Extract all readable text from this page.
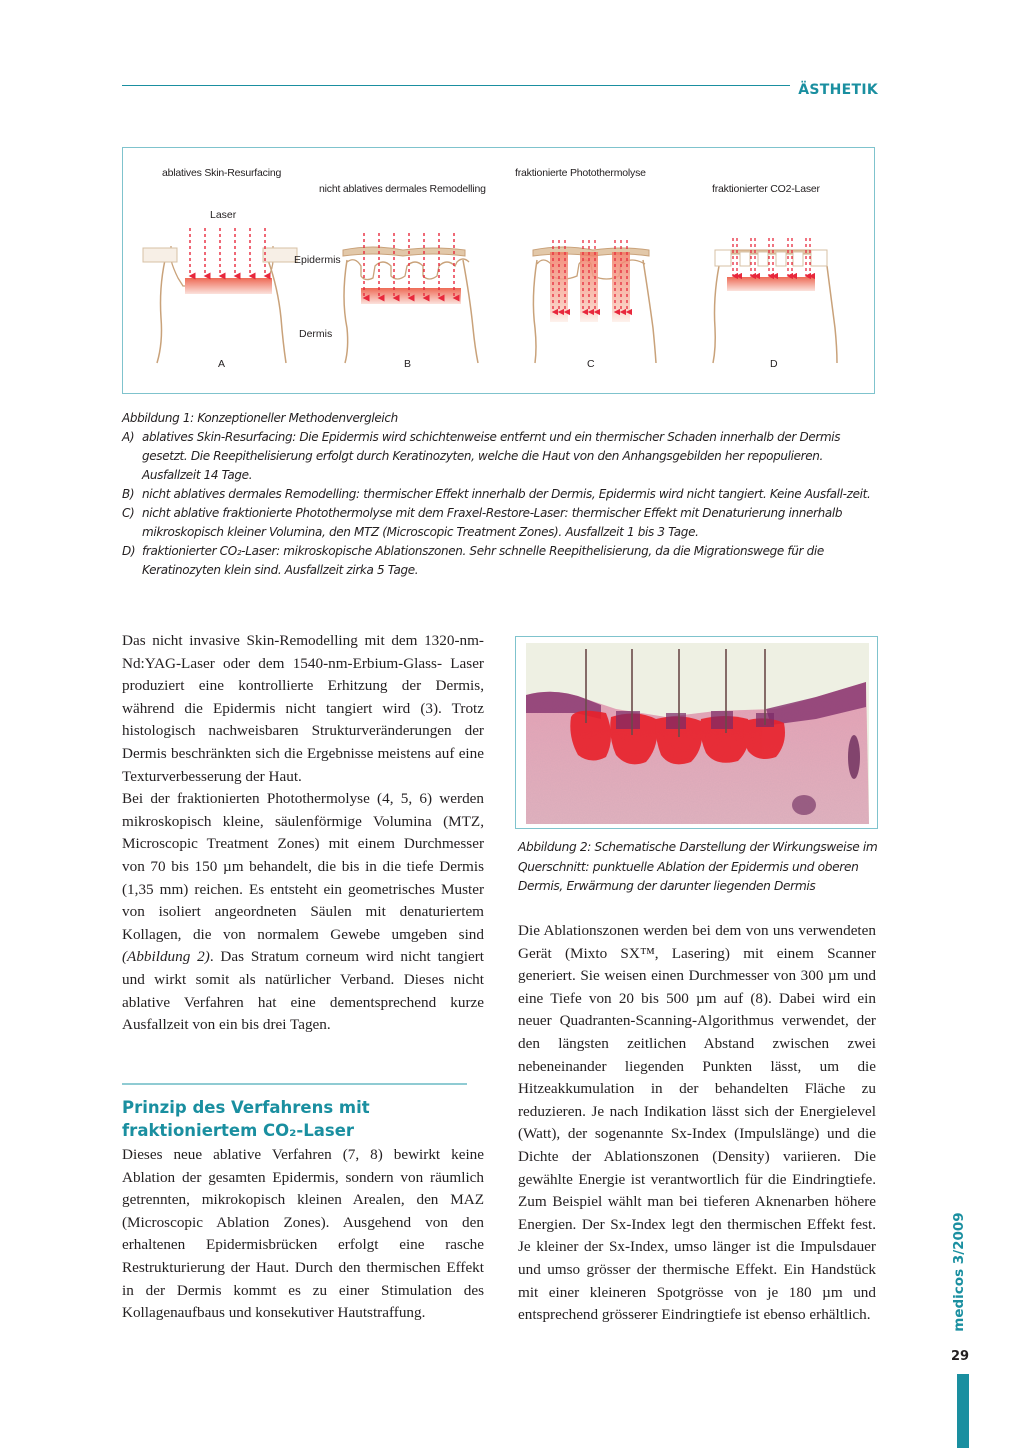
ÄSTHETIK
ablatives Skin-Resurfacing
nicht ablatives dermales Remodelling
fraktionierte Photothermolyse
fraktionierter CO2-Laser
Laser
Epidermis
Dermis
A	B	C	D
Abbildung 1: Konzeptioneller Methodenvergleich
A) ablatives Skin-Resurfacing: Die Epidermis wird schichtenweise entfernt und ein thermischer Schaden innerhalb der Dermis gesetzt. Die Reepithelisierung erfolgt durch Keratinozyten, welche die Haut von den Anhangsgebilden her repopulieren. Ausfallzeit 14 Tage.
B) nicht ablatives dermales Remodelling: thermischer Effekt innerhalb der Dermis, Epidermis wird nicht tangiert. Keine Ausfall-zeit.
C) nicht ablative fraktionierte Photothermolyse mit dem Fraxel-Restore-Laser: thermischer Effekt mit Denaturierung innerhalb mikroskopisch kleiner Volumina, den MTZ (Microscopic Treatment Zones). Ausfallzeit 1 bis 3 Tage.
D) fraktionierter CO₂-Laser: mikroskopische Ablationszonen. Sehr schnelle Reepithelisierung, da die Migrationswege für die Keratinozyten klein sind. Ausfallzeit zirka 5 Tage.

Das nicht invasive Skin-Remodelling mit dem 1320-nm-Nd:YAG-Laser oder dem 1540-nm-Erbium-Glass- Laser produziert eine kontrollierte Erhitzung der Dermis, während die Epidermis nicht tangiert wird (3). Trotz histologisch nachweisbaren Strukturveränderungen der Dermis beschränkten sich die Ergebnisse meistens auf eine Texturverbesserung der Haut.

Bei der fraktionierten Photothermolyse (4, 5, 6) werden mikroskopisch kleine, säulenförmige Volumina (MTZ, Microscopic Treatment Zones) mit einem Durchmesser von 70 bis 150 µm behandelt, die bis in die tiefe Dermis (1,35 mm) reichen. Es entsteht ein geometrisches Muster von isoliert angeordneten Säulen mit denaturiertem Kollagen, die von normalem Gewebe umgeben sind (Abbildung 2). Das Stratum corneum wird nicht tangiert und wirkt somit als natürlicher Verband. Dieses nicht ablative Verfahren hat eine dementsprechend kurze Ausfallzeit von ein bis drei Tagen.

Prinzip des Verfahrens mit fraktioniertem CO₂-Laser

Dieses neue ablative Verfahren (7, 8) bewirkt keine Ablation der gesamten Epidermis, sondern von räumlich getrennten, mikrokopisch kleinen Arealen, den MAZ (Microscopic Ablation Zones). Ausgehend von den erhaltenen Epidermisbrücken erfolgt eine rasche Restrukturierung der Haut. Durch den thermischen Effekt in der Dermis kommt es zu einer Stimulation des Kollagenaufbaus und konsekutiver Hautstraffung.

Abbildung 2: Schematische Darstellung der Wirkungsweise im Querschnitt: punktuelle Ablation der Epidermis und oberen Dermis, Erwärmung der darunter liegenden Dermis

Die Ablationszonen werden bei dem von uns verwendeten Gerät (Mixto SX™, Lasering) mit einem Scanner generiert. Sie weisen einen Durchmesser von 300 µm und eine Tiefe von 20 bis 500 µm auf (8). Dabei wird ein neuer Quadranten-Scanning-Algorithmus verwendet, der den längsten zeitlichen Abstand zwischen zwei nebeneinander liegenden Punkten lässt, um die Hitzeakkumulation in der behandelten Fläche zu reduzieren. Je nach Indikation lässt sich der Energielevel (Watt), der sogenannte Sx-Index (Impulslänge) und die Dichte der Ablationszonen (Density) variieren. Die gewählte Energie ist verantwortlich für die Eindringtiefe. Zum Beispiel wählt man bei tieferen Aknenarben höhere Energien. Der Sx-Index legt den thermischen Effekt fest. Je kleiner der Sx-Index, umso länger ist die Impulsdauer und umso grösser der thermische Effekt. Ein Handstück mit einer kleineren Spotgrösse von je 180 µm und entsprechend grösserer Eindringtiefe ist ebenso erhältlich.	medicos 3/2009
29
